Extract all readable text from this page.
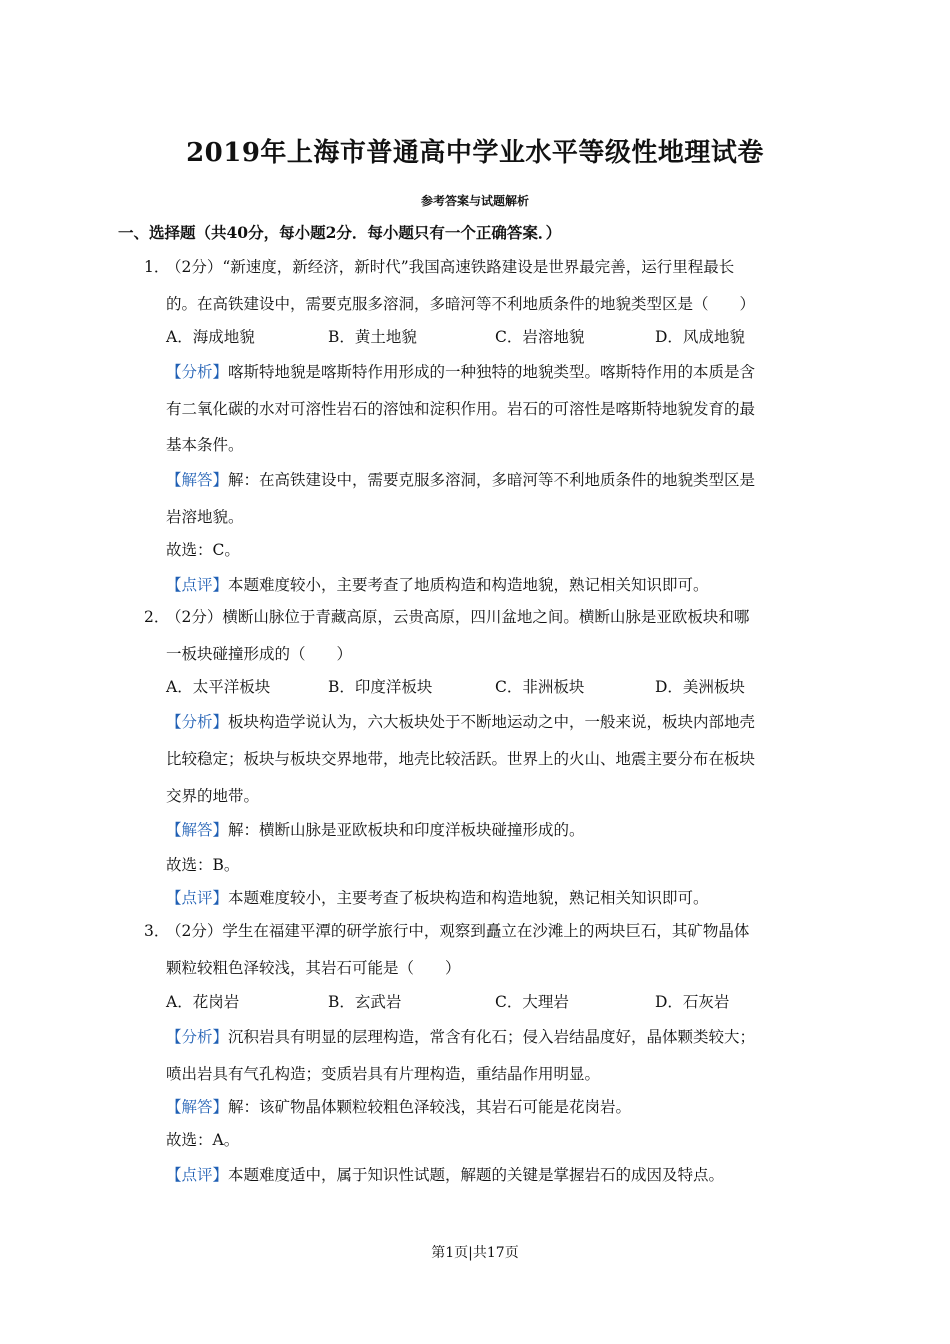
2019年上海市普通高中学业水平等级性地理试卷
参考答案与试题解析
一、选择题（共40分，每小题2分．每小题只有一个正确答案．）
1．
（2分）“新速度，新经济，新时代”我国高速铁路建设是世界最完善，运行里程最长
的。在高铁建设中，需要克服多溶洞，多暗河等不利地质条件的地貌类型区是（　　）
A．海成地貌	B．黄土地貌	C．岩溶地貌	D．风成地貌
【分析】喀斯特地貌是喀斯特作用形成的一种独特的地貌类型。喀斯特作用的本质是含
有二氧化碳的水对可溶性岩石的溶蚀和淀积作用。岩石的可溶性是喀斯特地貌发育的最
基本条件。
【解答】解：在高铁建设中，需要克服多溶洞，多暗河等不利地质条件的地貌类型区是
岩溶地貌。
故选：C。
【点评】本题难度较小，主要考查了地质构造和构造地貌，熟记相关知识即可。
2．
（2分）横断山脉位于青藏高原，云贵高原，四川盆地之间。横断山脉是亚欧板块和哪
一板块碰撞形成的（　　）
A．太平洋板块	B．印度洋板块	C．非洲板块	D．美洲板块
【分析】板块构造学说认为，六大板块处于不断地运动之中，一般来说，板块内部地壳
比较稳定；板块与板块交界地带，地壳比较活跃。世界上的火山、地震主要分布在板块
交界的地带。
【解答】解：横断山脉是亚欧板块和印度洋板块碰撞形成的。
故选：B。
【点评】本题难度较小，主要考查了板块构造和构造地貌，熟记相关知识即可。
3．
（2分）学生在福建平潭的研学旅行中，观察到矗立在沙滩上的两块巨石，其矿物晶体
颗粒较粗色泽较浅，其岩石可能是（　　）
A．花岗岩	B．玄武岩	C．大理岩	D．石灰岩
【分析】沉积岩具有明显的层理构造，常含有化石；侵入岩结晶度好，晶体颗类较大；
喷出岩具有气孔构造；变质岩具有片理构造，重结晶作用明显。
【解答】解：该矿物晶体颗粒较粗色泽较浅，其岩石可能是花岗岩。
故选：A。
【点评】本题难度适中，属于知识性试题，解题的关键是掌握岩石的成因及特点。
第1页|共17页
